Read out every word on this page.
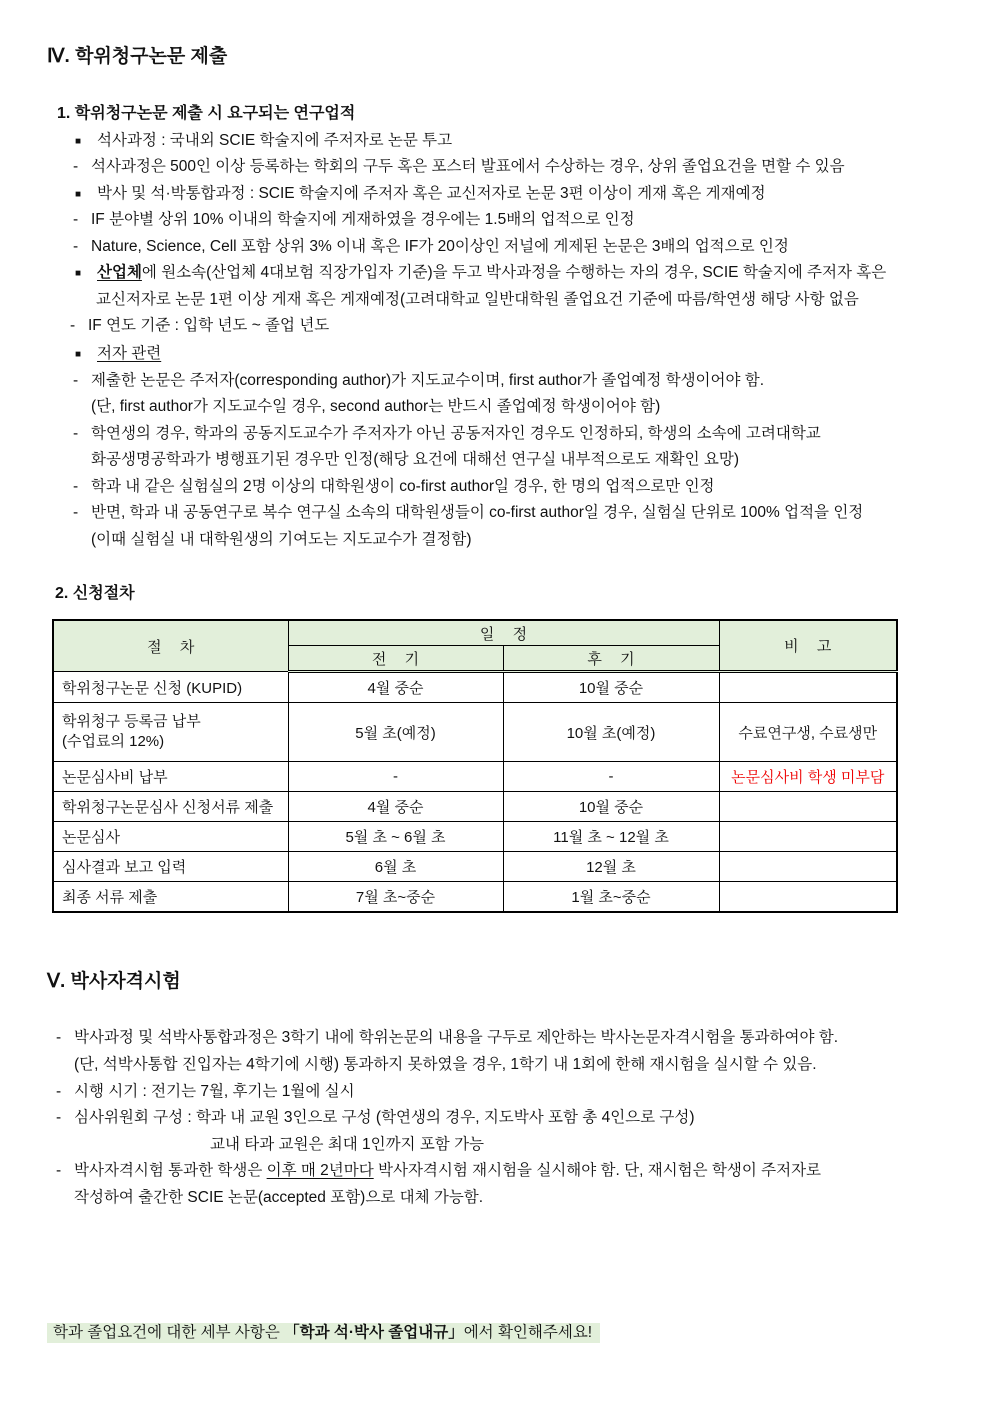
Ⅳ. 학위청구논문 제출
1. 학위청구논문 제출 시 요구되는 연구업적
■ 석사과정 : 국내외 SCIE 학술지에 주저자로 논문 투고
- 석사과정은 500인 이상 등록하는 학회의 구두 혹은 포스터 발표에서 수상하는 경우, 상위 졸업요건을 면할 수 있음
■ 박사 및 석·박통합과정 : SCIE 학술지에 주저자 혹은 교신저자로 논문 3편 이상이 게재 혹은 게재예정
- IF 분야별 상위 10% 이내의 학술지에 게재하였을 경우에는 1.5배의 업적으로 인정
- Nature, Science, Cell 포함 상위 3% 이내 혹은 IF가 20이상인 저널에 게제된 논문은 3배의 업적으로 인정
■ 산업체에 원소속(산업체 4대보험 직장가입자 기준)을 두고 박사과정을 수행하는 자의 경우, SCIE 학술지에 주저자 혹은
교신저자로 논문 1편 이상 게재 혹은 게재예정(고려대학교 일반대학원 졸업요건 기준에 따름/학연생 해당 사항 없음
- IF 연도 기준 : 입학 년도 ~ 졸업 년도
■ 저자 관련
- 제출한 논문은 주저자(corresponding author)가 지도교수이며, first author가 졸업예정 학생이어야 함.
(단, first author가 지도교수일 경우, second author는 반드시 졸업예정 학생이어야 함)
- 학연생의 경우, 학과의 공동지도교수가 주저자가 아닌 공동저자인 경우도 인정하되, 학생의 소속에 고려대학교
화공생명공학과가 병행표기된 경우만 인정(해당 요건에 대해선 연구실 내부적으로도 재확인 요망)
- 학과 내 같은 실험실의 2명 이상의 대학원생이 co-first author일 경우, 한 명의 업적으로만 인정
- 반면, 학과 내 공동연구로 복수 연구실 소속의 대학원생들이 co-first author일 경우, 실험실 단위로 100% 업적을 인정
(이때 실험실 내 대학원생의 기여도는 지도교수가 결정함)
2. 신청절차
절 차	일 정		비 고
	전 기	후 기	
학위청구논문 신청 (KUPID)	4월 중순	10월 중순	

학위청구 등록금 납부
(수업료의 12%)	5월 초(예정)	10월 초(예정)	수료연구생, 수료생만
논문심사비 납부	-	-	논문심사비 학생 미부담
학위청구논문심사 신청서류 제출	4월 중순	10월 중순	
논문심사	5월 초 ~ 6월 초	11월 초 ~ 12월 초	
심사결과 보고 입력	6월 초	12월 초	
최종 서류 제출	7월 초~중순	1월 초~중순	
Ⅴ. 박사자격시험
- 박사과정 및 석박사통합과정은 3학기 내에 학위논문의 내용을 구두로 제안하는 박사논문자격시험을 통과하여야 함.
(단, 석박사통합 진입자는 4학기에 시행) 통과하지 못하였을 경우, 1학기 내 1회에 한해 재시험을 실시할 수 있음.
- 시행 시기 : 전기는 7월, 후기는 1월에 실시
- 심사위원회 구성 : 학과 내 교원 3인으로 구성 (학연생의 경우, 지도박사 포함 총 4인으로 구성)
교내 타과 교원은 최대 1인까지 포함 가능
- 박사자격시험 통과한 학생은 이후 매 2년마다 박사자격시험 재시험을 실시해야 함. 단, 재시험은 학생이 주저자로
작성하여 출간한 SCIE 논문(accepted 포함)으로 대체 가능함.
학과 졸업요건에 대한 세부 사항은 「학과 석·박사 졸업내규」에서 확인해주세요!
